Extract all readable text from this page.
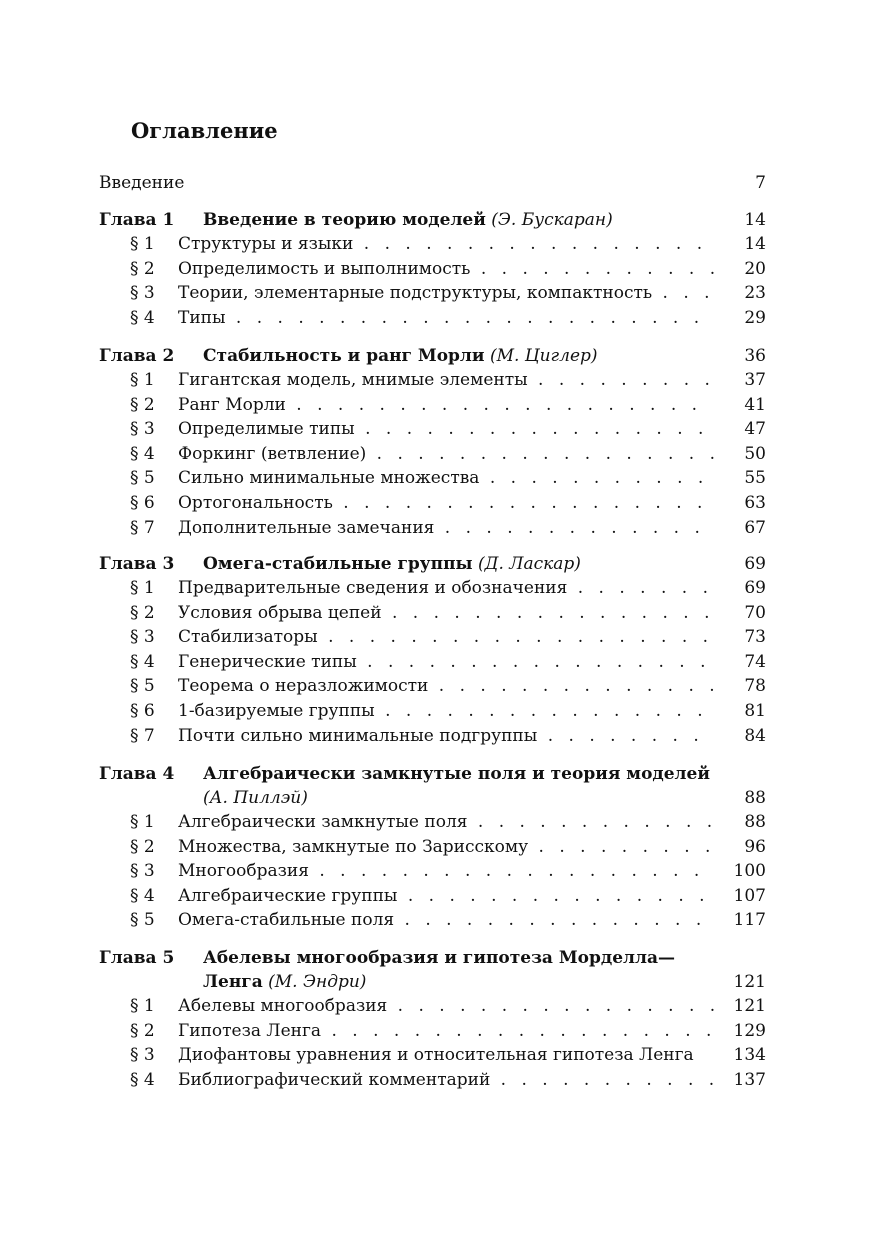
Оглавление
Введение	7
Глава 1	Введение в теорию моделей (Э. Бускаран)	14
§ 1 Структуры и языки . . .	14
§ 2 Определимость и выполнимость . . .	20
§ 3 Теории, элементарные подструктуры, компактность . . .	23
§ 4 Типы . . .	29
Глава 2	Стабильность и ранг Морли (М. Циглер)	36
§ 1 Гигантская модель, мнимые элементы . . .	37
§ 2 Ранг Морли . . .	41
§ 3 Определимые типы . . .	47
§ 4 Форкинг (ветвление) . . .	50
§ 5 Сильно минимальные множества . . .	55
§ 6 Ортогональность . . .	63
§ 7 Дополнительные замечания . . .	67
Глава 3	Омега-стабильные группы (Д. Ласкар)	69
§ 1 Предварительные сведения и обозначения . . .	69
§ 2 Условия обрыва цепей . . .	70
§ 3 Стабилизаторы . . .	73
§ 4 Генерические типы . . .	74
§ 5 Теорема о неразложимости . . .	78
§ 6 1-базируемые группы . . .	81
§ 7 Почти сильно минимальные подгруппы . . .	84
Глава 4	Алгебраически замкнутые поля и теория моделей (А. Пиллэй)	88
§ 1 Алгебраически замкнутые поля . . .	88
§ 2 Множества, замкнутые по Зарисскому . . .	96
§ 3 Многообразия . . .	100
§ 4 Алгебраические группы . . .	107
§ 5 Омега-стабильные поля . . .	117
Глава 5	Абелевы многообразия и гипотеза Морделла—Ленга (М. Эндри)	121
§ 1 Абелевы многообразия . . .	121
§ 2 Гипотеза Ленга . . .	129
§ 3 Диофантовы уравнения и относительная гипотеза Ленга	134
§ 4 Библиографический комментарий . . .	137
